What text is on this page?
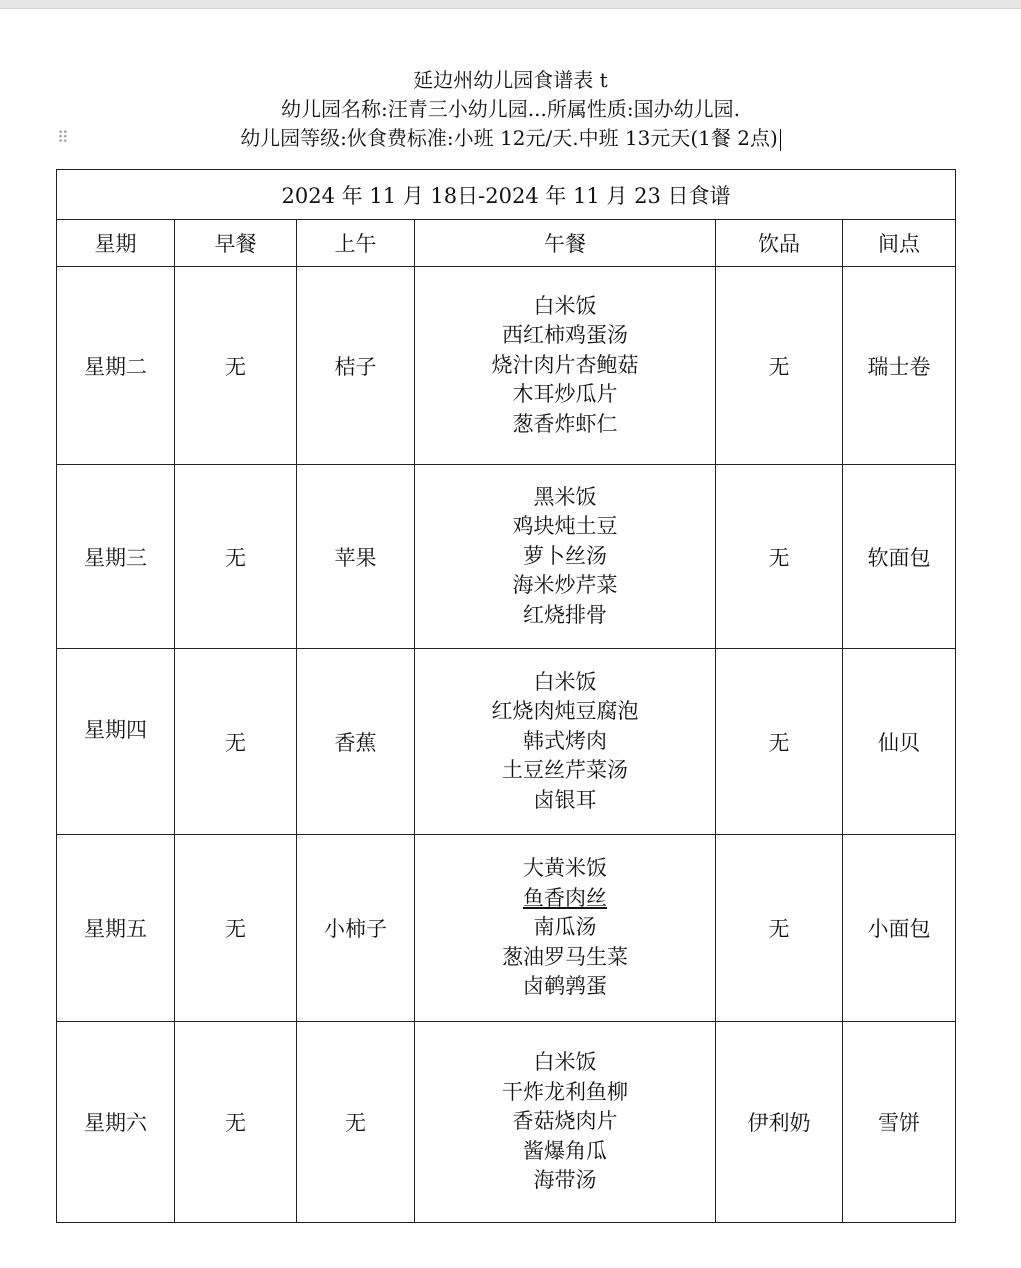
延边州幼儿园食谱表 t
幼儿园名称:汪青三小幼儿园...所属性质:国办幼儿园.
幼儿园等级:伙食费标准:小班 12元/天.中班 13元天(1餐 2点)
⠿
2024 年 11 月 18日-2024 年 11 月 23 日食谱					
星期	早餐	上午	午餐	饮品	间点
星期二	无	桔子	白米饭
西红柿鸡蛋汤
烧汁肉片杏鲍菇
木耳炒瓜片
葱香炸虾仁	无	瑞士卷
星期三	无	苹果	黑米饭
鸡块炖土豆
萝卜丝汤
海米炒芹菜
红烧排骨	无	软面包
星期四	无	香蕉	白米饭
红烧肉炖豆腐泡
韩式烤肉
土豆丝芹菜汤
卤银耳	无	仙贝
星期五	无	小柿子	大黄米饭
鱼香肉丝
南瓜汤
葱油罗马生菜
卤鹌鹑蛋	无	小面包
星期六	无	无	白米饭
干炸龙利鱼柳
香菇烧肉片
酱爆角瓜
海带汤	伊利奶	雪饼
